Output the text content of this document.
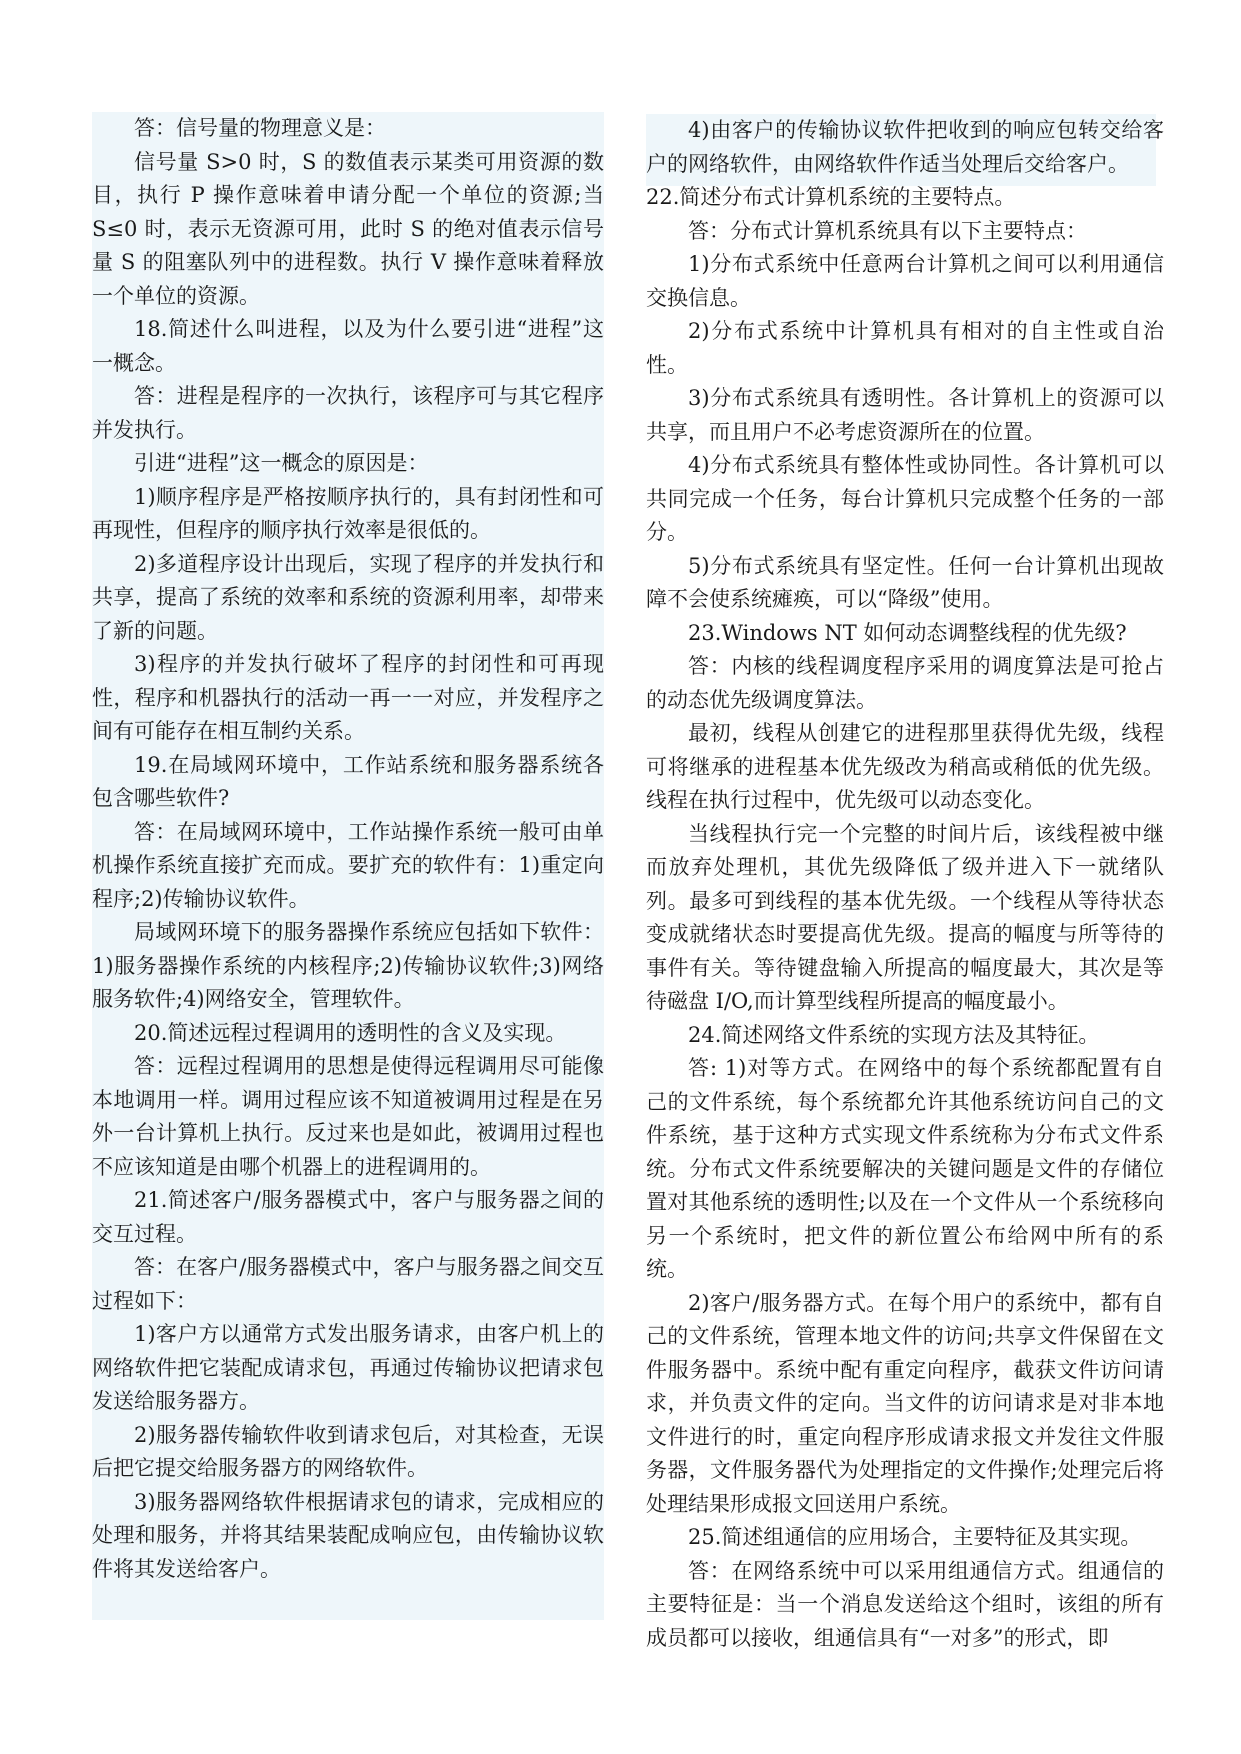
答：信号量的物理意义是：

信号量 S>0 时，S 的数值表示某类可用资源的数目，执行 P 操作意味着申请分配一个单位的资源;当 S≤0 时，表示无资源可用，此时 S 的绝对值表示信号量 S 的阻塞队列中的进程数。执行 V 操作意味着释放一个单位的资源。

18.简述什么叫进程，以及为什么要引进“进程”这一概念。

答：进程是程序的一次执行，该程序可与其它程序并发执行。

引进“进程”这一概念的原因是：

1)顺序程序是严格按顺序执行的，具有封闭性和可再现性，但程序的顺序执行效率是很低的。

2)多道程序设计出现后，实现了程序的并发执行和共享，提高了系统的效率和系统的资源利用率，却带来了新的问题。

3)程序的并发执行破坏了程序的封闭性和可再现性，程序和机器执行的活动一再一一对应，并发程序之间有可能存在相互制约关系。

19.在局域网环境中，工作站系统和服务器系统各包含哪些软件?

答：在局域网环境中，工作站操作系统一般可由单机操作系统直接扩充而成。要扩充的软件有：1)重定向程序;2)传输协议软件。

局域网环境下的服务器操作系统应包括如下软件：1)服务器操作系统的内核程序;2)传输协议软件;3)网络服务软件;4)网络安全，管理软件。

20.简述远程过程调用的透明性的含义及实现。

答：远程过程调用的思想是使得远程调用尽可能像本地调用一样。调用过程应该不知道被调用过程是在另外一台计算机上执行。反过来也是如此，被调用过程也不应该知道是由哪个机器上的进程调用的。

21.简述客户/服务器模式中，客户与服务器之间的交互过程。

答：在客户/服务器模式中，客户与服务器之间交互过程如下：

1)客户方以通常方式发出服务请求，由客户机上的网络软件把它装配成请求包，再通过传输协议把请求包发送给服务器方。

2)服务器传输软件收到请求包后，对其检查，无误后把它提交给服务器方的网络软件。

3)服务器网络软件根据请求包的请求，完成相应的处理和服务，并将其结果装配成响应包，由传输协议软件将其发送给客户。

4)由客户的传输协议软件把收到的响应包转交给客户的网络软件，由网络软件作适当处理后交给客户。

22.简述分布式计算机系统的主要特点。

答：分布式计算机系统具有以下主要特点：

1)分布式系统中任意两台计算机之间可以利用通信交换信息。

2)分布式系统中计算机具有相对的自主性或自治性。

3)分布式系统具有透明性。各计算机上的资源可以共享，而且用户不必考虑资源所在的位置。

4)分布式系统具有整体性或协同性。各计算机可以共同完成一个任务，每台计算机只完成整个任务的一部分。

5)分布式系统具有坚定性。任何一台计算机出现故障不会使系统瘫痪，可以“降级”使用。

23.Windows NT 如何动态调整线程的优先级?

答：内核的线程调度程序采用的调度算法是可抢占的动态优先级调度算法。

最初，线程从创建它的进程那里获得优先级，线程可将继承的进程基本优先级改为稍高或稍低的优先级。线程在执行过程中，优先级可以动态变化。

当线程执行完一个完整的时间片后，该线程被中继而放弃处理机，其优先级降低了级并进入下一就绪队列。最多可到线程的基本优先级。一个线程从等待状态变成就绪状态时要提高优先级。提高的幅度与所等待的事件有关。等待键盘输入所提高的幅度最大，其次是等待磁盘 I/O,而计算型线程所提高的幅度最小。

24.简述网络文件系统的实现方法及其特征。

答: 1)对等方式。在网络中的每个系统都配置有自己的文件系统，每个系统都允许其他系统访问自己的文件系统，基于这种方式实现文件系统称为分布式文件系统。分布式文件系统要解决的关键问题是文件的存储位置对其他系统的透明性;以及在一个文件从一个系统移向另一个系统时，把文件的新位置公布给网中所有的系统。

2)客户/服务器方式。在每个用户的系统中，都有自己的文件系统，管理本地文件的访问;共享文件保留在文件服务器中。系统中配有重定向程序，截获文件访问请求，并负责文件的定向。当文件的访问请求是对非本地文件进行的时，重定向程序形成请求报文并发往文件服务器，文件服务器代为处理指定的文件操作;处理完后将处理结果形成报文回送用户系统。

25.简述组通信的应用场合，主要特征及其实现。

答：在网络系统中可以采用组通信方式。组通信的主要特征是：当一个消息发送给这个组时，该组的所有成员都可以接收，组通信具有“一对多”的形式，即
